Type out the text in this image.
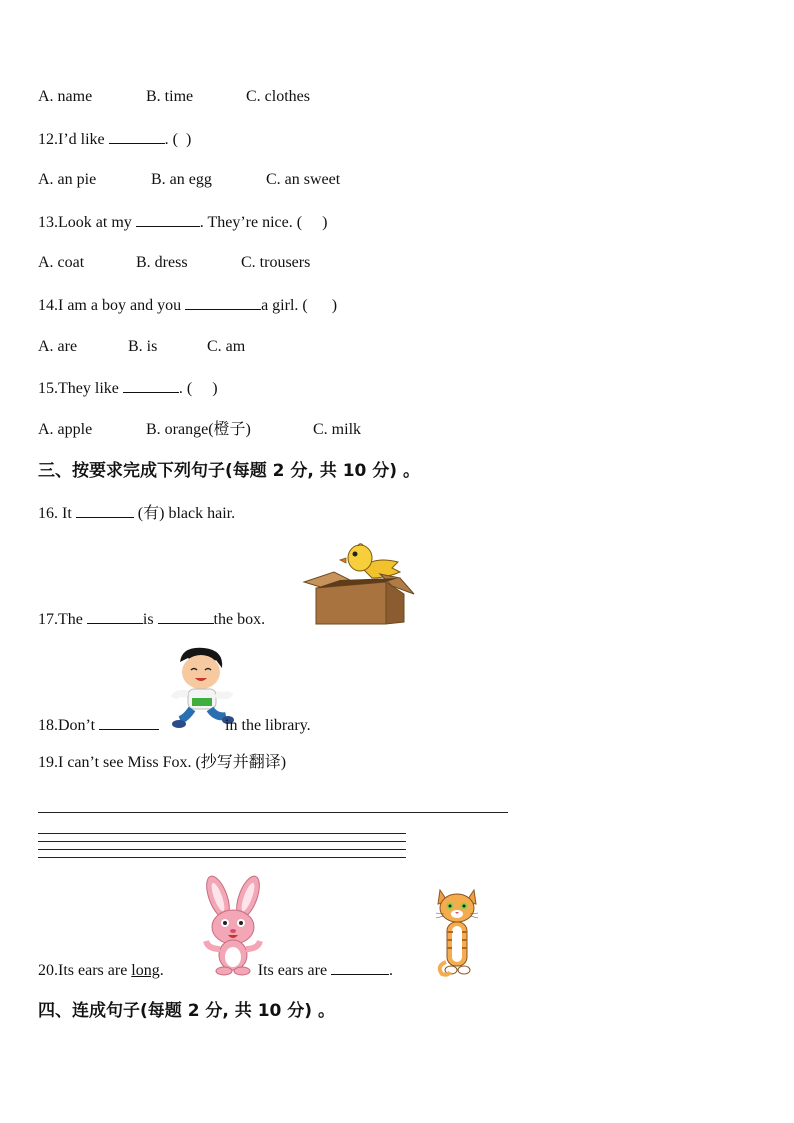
A. name	B. time	C. clothes
12.I’d like	. ( )
A. an pie	B. an egg	C. an sweet
13.Look at my	. They’re nice. ( )
A. coat	B. dress	C. trousers
14.I am a boy and you	a girl. ( )
A. are	B. is	C. am
15.They like	. ( )
A. apple	B. orange(橙子)	C. milk
三、按要求完成下列句子(每题 2 分, 共 10 分) 。
16. It	(有) black hair.
17.The	is	the box.
18.Don’t	in the library.
19.I can’t see Miss Fox. (抄写并翻译)
20.Its ears are long.	Its ears are	.
四、连成句子(每题 2 分, 共 10 分) 。
